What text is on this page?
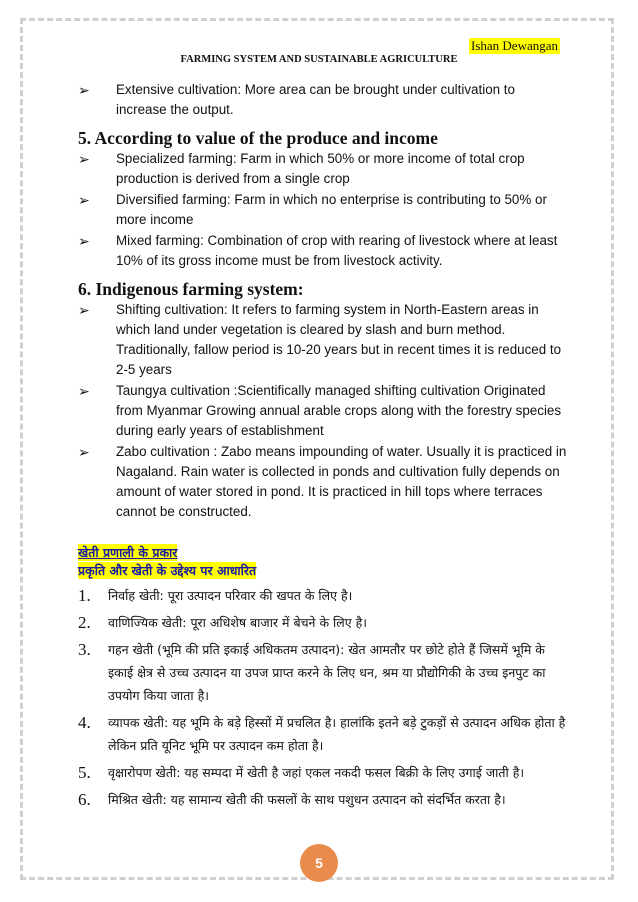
Ishan Dewangan
FARMING SYSTEM AND SUSTAINABLE AGRICULTURE
➢ Extensive cultivation: More area can be brought under cultivation to increase the output.
5. According to value of the produce and income
➢ Specialized farming: Farm in which 50% or more income of total crop production is derived from a single crop
➢ Diversified farming: Farm in which no enterprise is contributing to 50% or more income
➢ Mixed farming: Combination of crop with rearing of livestock where at least 10% of its gross income must be from livestock activity.
6. Indigenous farming system:
➢ Shifting cultivation: It refers to farming system in North-Eastern areas in which land under vegetation is cleared by slash and burn method. Traditionally, fallow period is 10-20 years but in recent times it is reduced to 2-5 years
➢ Taungya cultivation :Scientifically managed shifting cultivation Originated from Myanmar Growing annual arable crops along with the forestry species during early years of establishment
➢ Zabo cultivation : Zabo means impounding of water. Usually it is practiced in Nagaland. Rain water is collected in ponds and cultivation fully depends on amount of water stored in pond. It is practiced in hill tops where terraces cannot be constructed.
खेती प्रणाली के प्रकार
प्रकृति और खेती के उद्देश्य पर आधारित
1. निर्वाह खेती: पूरा उत्पादन परिवार की खपत के लिए है।
2. वाणिज्यिक खेती: पूरा अधिशेष बाजार में बेचने के लिए है।
3. गहन खेती (भूमि की प्रति इकाई अधिकतम उत्पादन): खेत आमतौर पर छोटे होते हैं जिसमें भूमि के इकाई क्षेत्र से उच्च उत्पादन या उपज प्राप्त करने के लिए धन, श्रम या प्रौद्योगिकी के उच्च इनपुट का उपयोग किया जाता है।
4. व्यापक खेती: यह भूमि के बड़े हिस्सों में प्रचलित है। हालांकि इतने बड़े टुकड़ों से उत्पादन अधिक होता है लेकिन प्रति यूनिट भूमि पर उत्पादन कम होता है।
5. वृक्षारोपण खेती: यह सम्पदा में खेती है जहां एकल नकदी फसल बिक्री के लिए उगाई जाती है।
6. मिश्रित खेती: यह सामान्य खेती की फसलों के साथ पशुधन उत्पादन को संदर्भित करता है।
5
